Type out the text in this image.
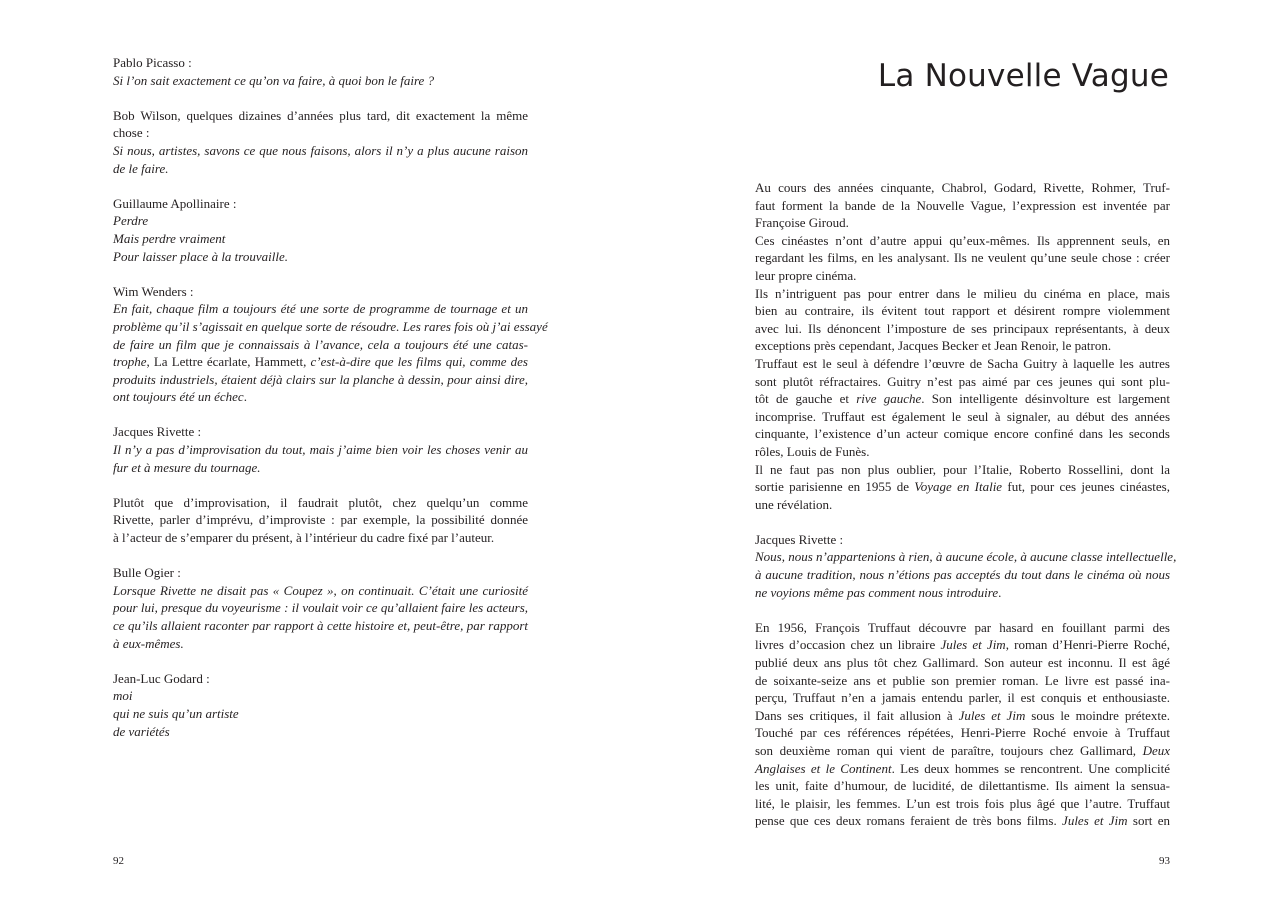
Pablo Picasso :
Si l’on sait exactement ce qu’on va faire, à quoi bon le faire ?
Bob Wilson, quelques dizaines d’années plus tard, dit exactement la même
chose :
Si nous, artistes, savons ce que nous faisons, alors il n’y a plus aucune raison
de le faire.
Guillaume Apollinaire :
Perdre
Mais perdre vraiment
Pour laisser place à la trouvaille.
Wim Wenders :
En fait, chaque film a toujours été une sorte de programme de tournage et un
problème qu’il s’agissait en quelque sorte de résoudre. Les rares fois où j’ai essayé
de faire un film que je connaissais à l’avance, cela a toujours été une catas-
trophe, La Lettre écarlate, Hammett, c’est-à-dire que les films qui, comme des
produits industriels, étaient déjà clairs sur la planche à dessin, pour ainsi dire,
ont toujours été un échec.
Jacques Rivette :
Il n’y a pas d’improvisation du tout, mais j’aime bien voir les choses venir au
fur et à mesure du tournage.
Plutôt que d’improvisation, il faudrait plutôt, chez quelqu’un comme
Rivette, parler d’imprévu, d’improviste : par exemple, la possibilité donnée
à l’acteur de s’emparer du présent, à l’intérieur du cadre fixé par l’auteur.
Bulle Ogier :
Lorsque Rivette ne disait pas « Coupez », on continuait. C’était une curiosité
pour lui, presque du voyeurisme : il voulait voir ce qu’allaient faire les acteurs,
ce qu’ils allaient raconter par rapport à cette histoire et, peut-être, par rapport
à eux-mêmes.
Jean-Luc Godard :
moi
qui ne suis qu’un artiste
de variétés
92
La Nouvelle Vague
Au cours des années cinquante, Chabrol, Godard, Rivette, Rohmer, Truf-
faut forment la bande de la Nouvelle Vague, l’expression est inventée par
Françoise Giroud.
Ces cinéastes n’ont d’autre appui qu’eux-mêmes. Ils apprennent seuls, en
regardant les films, en les analysant. Ils ne veulent qu’une seule chose : créer
leur propre cinéma.
Ils n’intriguent pas pour entrer dans le milieu du cinéma en place, mais
bien au contraire, ils évitent tout rapport et désirent rompre violemment
avec lui. Ils dénoncent l’imposture de ses principaux représentants, à deux
exceptions près cependant, Jacques Becker et Jean Renoir, le patron.
Truffaut est le seul à défendre l’œuvre de Sacha Guitry à laquelle les autres
sont plutôt réfractaires. Guitry n’est pas aimé par ces jeunes qui sont plu-
tôt de gauche et rive gauche. Son intelligente désinvolture est largement
incomprise. Truffaut est également le seul à signaler, au début des années
cinquante, l’existence d’un acteur comique encore confiné dans les seconds
rôles, Louis de Funès.
Il ne faut pas non plus oublier, pour l’Italie, Roberto Rossellini, dont la
sortie parisienne en 1955 de Voyage en Italie fut, pour ces jeunes cinéastes,
une révélation.
Jacques Rivette :
Nous, nous n’appartenions à rien, à aucune école, à aucune classe intellectuelle,
à aucune tradition, nous n’étions pas acceptés du tout dans le cinéma où nous
ne voyions même pas comment nous introduire.
En 1956, François Truffaut découvre par hasard en fouillant parmi des
livres d’occasion chez un libraire Jules et Jim, roman d’Henri-Pierre Roché,
publié deux ans plus tôt chez Gallimard. Son auteur est inconnu. Il est âgé
de soixante-seize ans et publie son premier roman. Le livre est passé ina-
perçu, Truffaut n’en a jamais entendu parler, il est conquis et enthousiaste.
Dans ses critiques, il fait allusion à Jules et Jim sous le moindre prétexte.
Touché par ces références répétées, Henri-Pierre Roché envoie à Truffaut
son deuxième roman qui vient de paraître, toujours chez Gallimard, Deux
Anglaises et le Continent. Les deux hommes se rencontrent. Une complicité
les unit, faite d’humour, de lucidité, de dilettantisme. Ils aiment la sensua-
lité, le plaisir, les femmes. L’un est trois fois plus âgé que l’autre. Truffaut
pense que ces deux romans feraient de très bons films. Jules et Jim sort en
93
